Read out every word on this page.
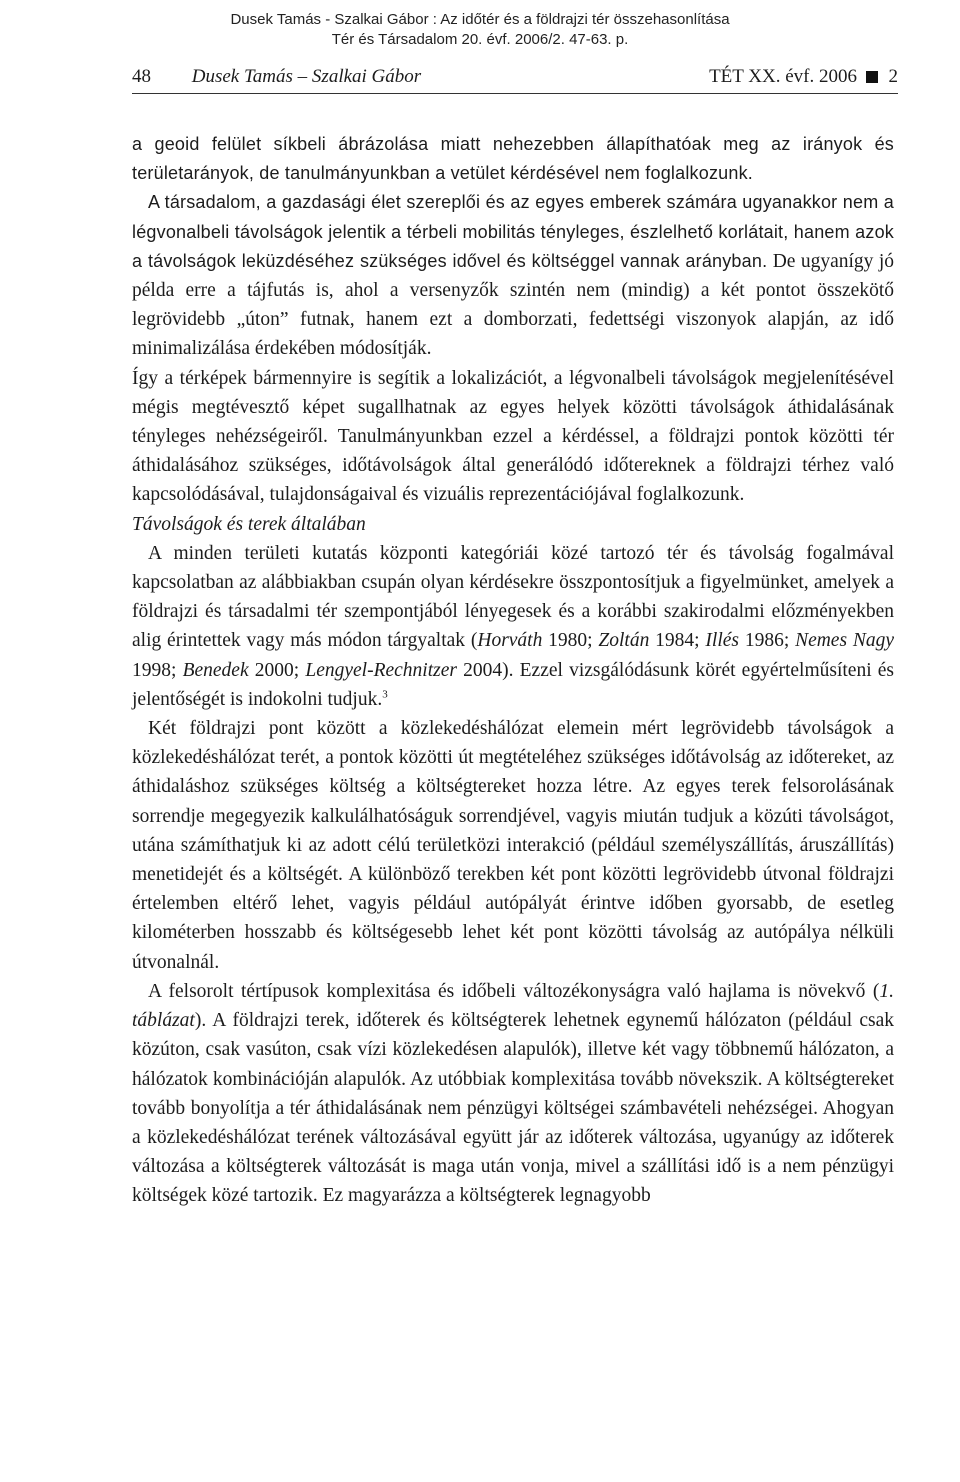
Dusek Tamás - Szalkai Gábor : Az időtér és a földrajzi tér összehasonlítása
Tér és Társadalom 20. évf. 2006/2. 47-63. p.
48 Dusek Tamás – Szalkai Gábor	TÉT XX. évf. 2006 2

a geoid felület síkbeli ábrázolása miatt nehezebben állapíthatóak meg az irányok és területarányok, de tanulmányunkban a vetület kérdésével nem foglalkozunk.

A társadalom, a gazdasági élet szereplői és az egyes emberek számára ugyanakkor nem a légvonalbeli távolságok jelentik a térbeli mobilitás tényleges, észlelhető korlátait, hanem azok a távolságok leküzdéséhez szükséges idővel és költséggel vannak arányban. De ugyanígy jó példa erre a tájfutás is, ahol a versenyzők szintén nem (mindig) a két pontot összekötő legrövidebb „úton” futnak, hanem ezt a domborzati, fedettségi viszonyok alapján, az idő minimalizálása érdekében módosítják.

Így a térképek bármennyire is segítik a lokalizációt, a légvonalbeli távolságok megjelenítésével mégis megtévesztő képet sugallhatnak az egyes helyek közötti távolságok áthidalásának tényleges nehézségeiről. Tanulmányunkban ezzel a kérdéssel, a földrajzi pontok közötti tér áthidalásához szükséges, időtávolságok által generálódó időtereknek a földrajzi térhez való kapcsolódásával, tulajdonságaival és vizuális reprezentációjával foglalkozunk.

Távolságok és terek általában

A minden területi kutatás központi kategóriái közé tartozó tér és távolság fogalmával kapcsolatban az alábbiakban csupán olyan kérdésekre összpontosítjuk a figyelmünket, amelyek a földrajzi és társadalmi tér szempontjából lényegesek és a korábbi szakirodalmi előzményekben alig érintettek vagy más módon tárgyaltak (Horváth 1980; Zoltán 1984; Illés 1986; Nemes Nagy 1998; Benedek 2000; Lengyel-Rechnitzer 2004). Ezzel vizsgálódásunk körét egyértelműsíteni és jelentőségét is indokolni tudjuk.$^3$

Két földrajzi pont között a közlekedéshálózat elemein mért legrövidebb távolságok a közlekedéshálózat terét, a pontok közötti út megtételéhez szükséges időtávolság az időtereket, az áthidaláshoz szükséges költség a költségtereket hozza létre. Az egyes terek felsorolásának sorrendje megegyezik kalkulálhatóságuk sorrendjével, vagyis miután tudjuk a közúti távolságot, utána számíthatjuk ki az adott célú területközi interakció (például személyszállítás, áruszállítás) menetidejét és a költségét. A különböző terekben két pont közötti legrövidebb útvonal földrajzi értelemben eltérő lehet, vagyis például autópályát érintve időben gyorsabb, de esetleg kilométerben hosszabb és költségesebb lehet két pont közötti távolság az autópálya nélküli útvonalnál.

A felsorolt tértípusok komplexitása és időbeli változékonyságra való hajlama is növekvő (1. táblázat). A földrajzi terek, időterek és költségterek lehetnek egynemű hálózaton (például csak közúton, csak vasúton, csak vízi közlekedésen alapulók), illetve két vagy többnemű hálózaton, a hálózatok kombinációján alapulók. Az utóbbiak komplexitása tovább növekszik. A költségtereket tovább bonyolítja a tér áthidalásának nem pénzügyi költségei számbavételi nehézségei. Ahogyan a közlekedéshálózat terének változásával együtt jár az időterek változása, ugyanúgy az időterek változása a költségterek változását is maga után vonja, mivel a szállítási idő is a nem pénzügyi költségek közé tartozik. Ez magyarázza a költségterek legnagyobb
